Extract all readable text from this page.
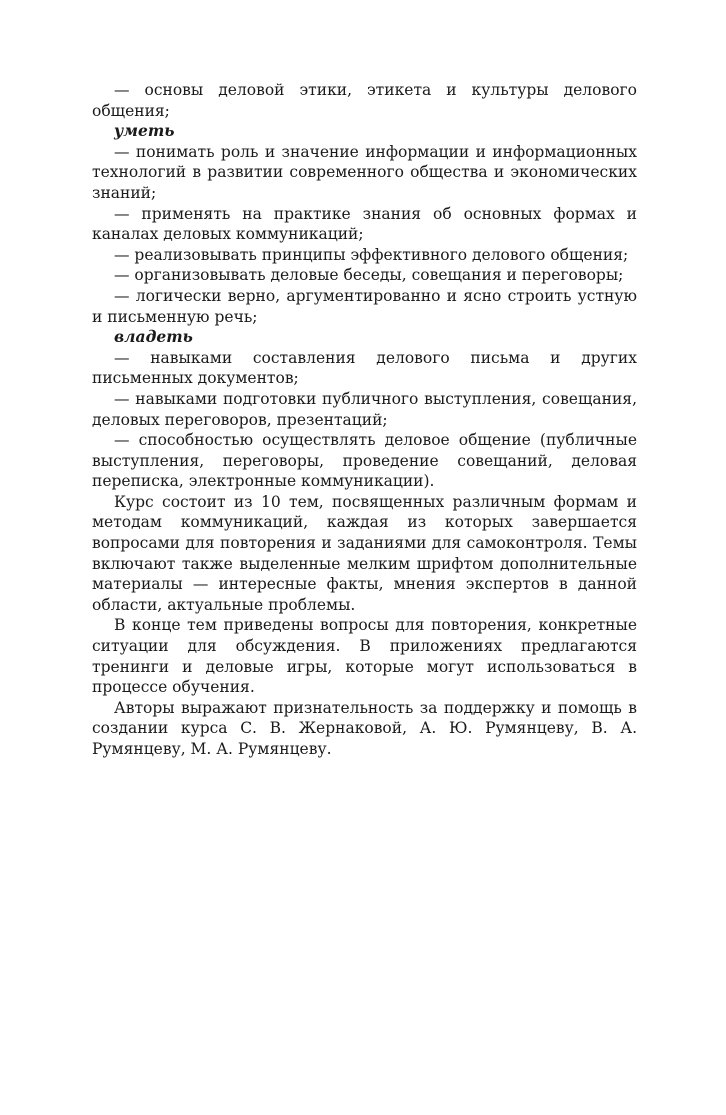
— основы деловой этики, этикета и культуры делового общения;

уметь

— понимать роль и значение информации и информационных технологий в развитии современного общества и экономических знаний;

— применять на практике знания об основных формах и каналах деловых коммуникаций;

— реализовывать принципы эффективного делового общения;

— организовывать деловые беседы, совещания и переговоры;

— логически верно, аргументированно и ясно строить устную и письменную речь;

владеть

— навыками составления делового письма и других письменных документов;

— навыками подготовки публичного выступления, совещания, деловых переговоров, презентаций;

— способностью осуществлять деловое общение (публичные выступления, переговоры, проведение совещаний, деловая переписка, электронные коммуникации).

Курс состоит из 10 тем, посвященных различным формам и методам коммуникаций, каждая из которых завершается вопросами для повторения и заданиями для самоконтроля. Темы включают также выделенные мелким шрифтом дополнительные материалы — интересные факты, мнения экспертов в данной области, актуальные проблемы.

В конце тем приведены вопросы для повторения, конкретные ситуации для обсуждения. В приложениях предлагаются тренинги и деловые игры, которые могут использоваться в процессе обучения.

Авторы выражают признательность за поддержку и помощь в создании курса С. В. Жернаковой, А. Ю. Румянцеву, В. А. Румянцеву, М. А. Румянцеву.
